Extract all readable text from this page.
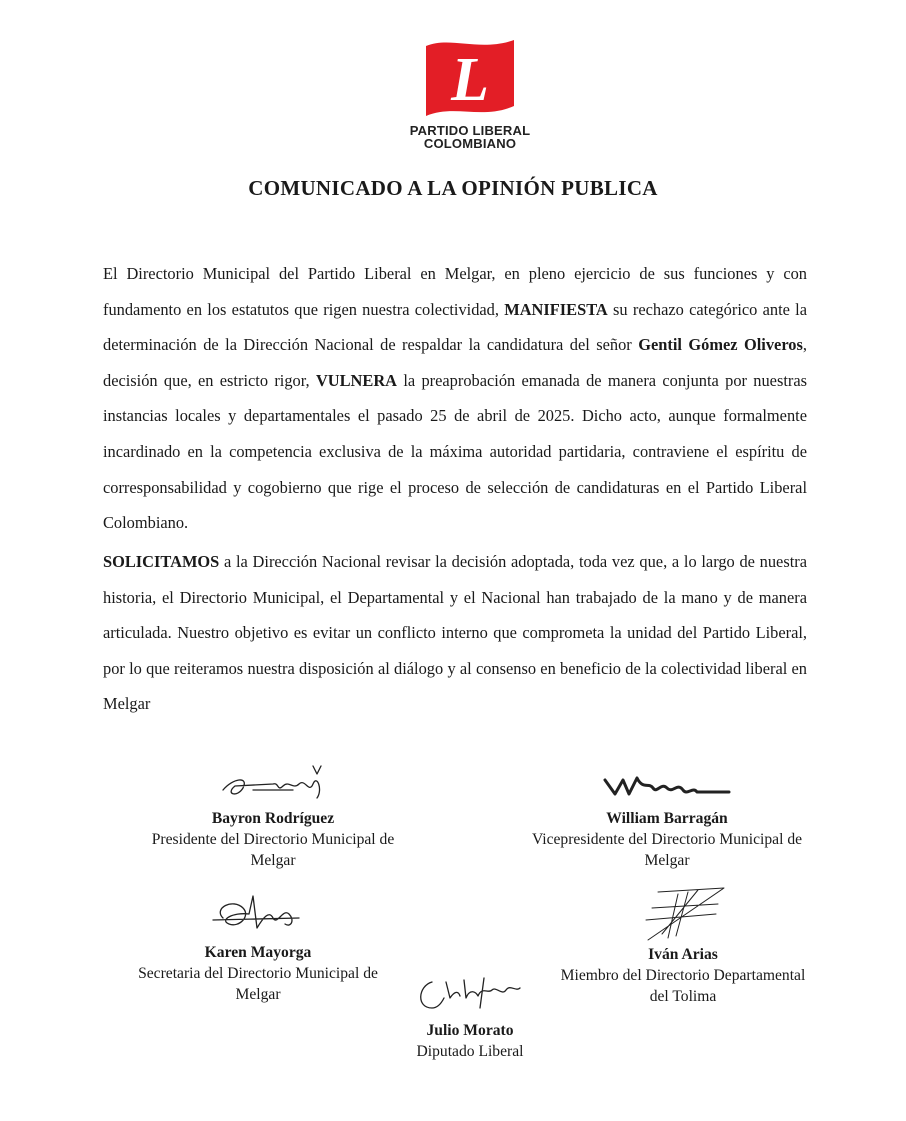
L
PARTIDO LIBERAL
COLOMBIANO
COMUNICADO A LA OPINIÓN PUBLICA

El Directorio Municipal del Partido Liberal en Melgar, en pleno ejercicio de sus funciones y con fundamento en los estatutos que rigen nuestra colectividad, MANIFIESTA su rechazo categórico ante la determinación de la Dirección Nacional de respaldar la candidatura del señor Gentil Gómez Oliveros, decisión que, en estricto rigor, VULNERA la preaprobación emanada de manera conjunta por nuestras instancias locales y departamentales el pasado 25 de abril de 2025. Dicho acto, aunque formalmente incardinado en la competencia exclusiva de la máxima autoridad partidaria, contraviene el espíritu de corresponsabilidad y cogobierno que rige el proceso de selección de candidaturas en el Partido Liberal Colombiano.

SOLICITAMOS a la Dirección Nacional revisar la decisión adoptada, toda vez que, a lo largo de nuestra historia, el Directorio Municipal, el Departamental y el Nacional han trabajado de la mano y de manera articulada. Nuestro objetivo es evitar un conflicto interno que comprometa la unidad del Partido Liberal, por lo que reiteramos nuestra disposición al diálogo y al consenso en beneficio de la colectividad liberal en Melgar

Bayron Rodríguez
Presidente del Directorio Municipal de
Melgar
William Barragán
Vicepresidente del Directorio Municipal de
Melgar
Karen Mayorga
Secretaria del Directorio Municipal de
Melgar
Iván Arias
Miembro del Directorio Departamental
del Tolima
Julio Morato
Diputado Liberal
